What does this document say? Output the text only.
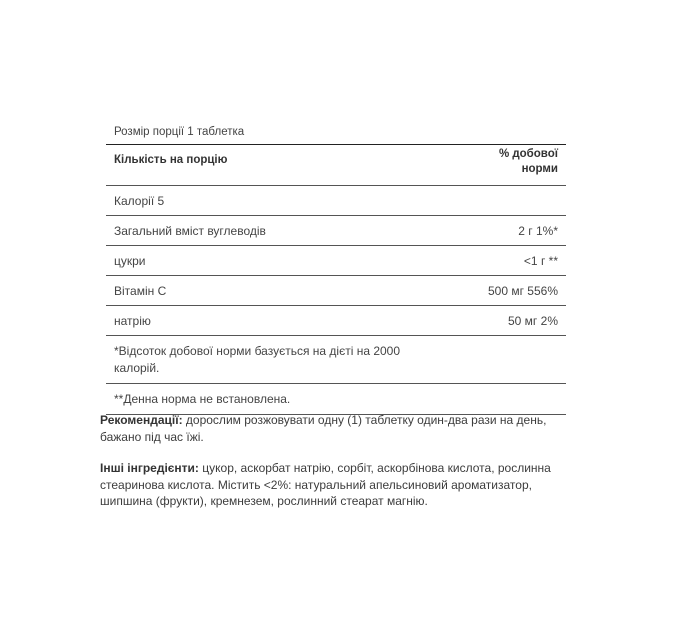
Розмір порції 1 таблетка
Кількість на порцію	% добової
норми
Калорії 5
Загальний вміст вуглеводів	2 г 1%*
цукри	<1 г **
Вітамін С	500 мг 556%
натрію	50 мг 2%
*Відсоток добової норми базується на дієті на 2000 калорій.
**Денна норма не встановлена.
Рекомендації: дорослим розжовувати одну (1) таблетку один-два рази на день, бажано під час їжі.
Інші інгредієнти: цукор, аскорбат натрію, сорбіт, аскорбінова кислота, рослинна стеаринова кислота. Містить <2%: натуральний апельсиновий ароматизатор, шипшина (фрукти), кремнезем, рослинний стеарат магнію.
